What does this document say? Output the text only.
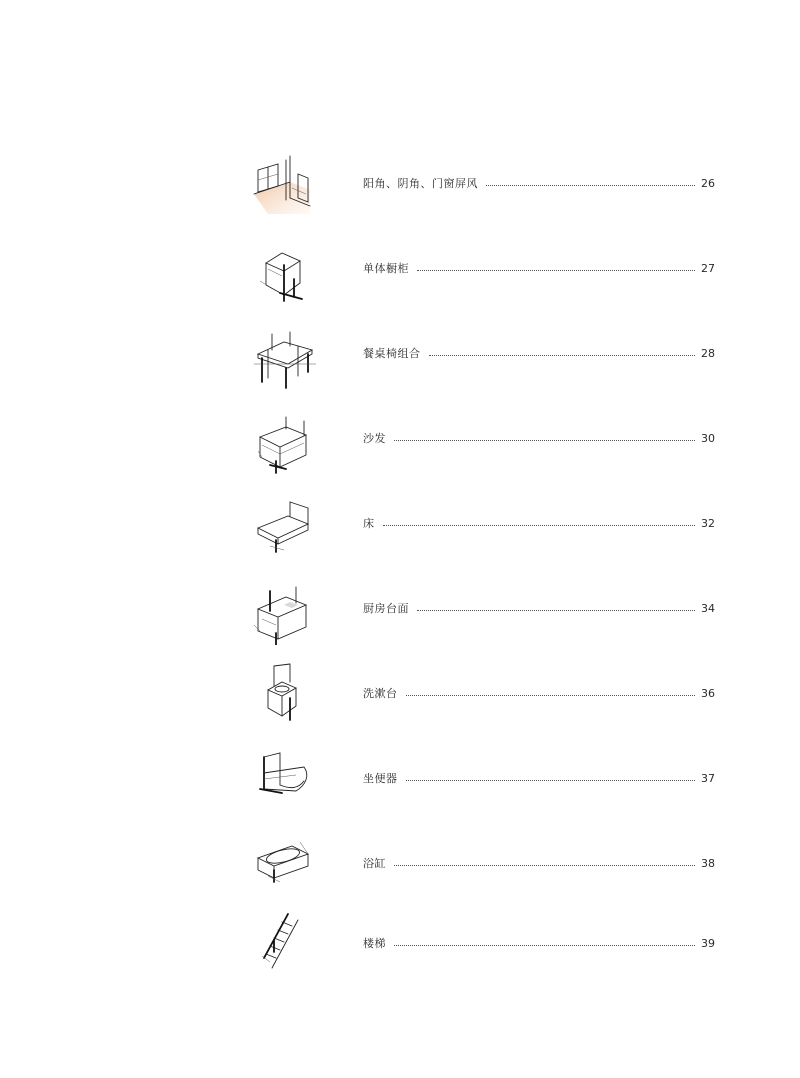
阳角、阴角、门窗屏风	26
单体橱柜	27
餐桌椅组合	28
沙发	30
床	32
厨房台面	34
洗漱台	36
坐便器	37
浴缸	38
楼梯	39
